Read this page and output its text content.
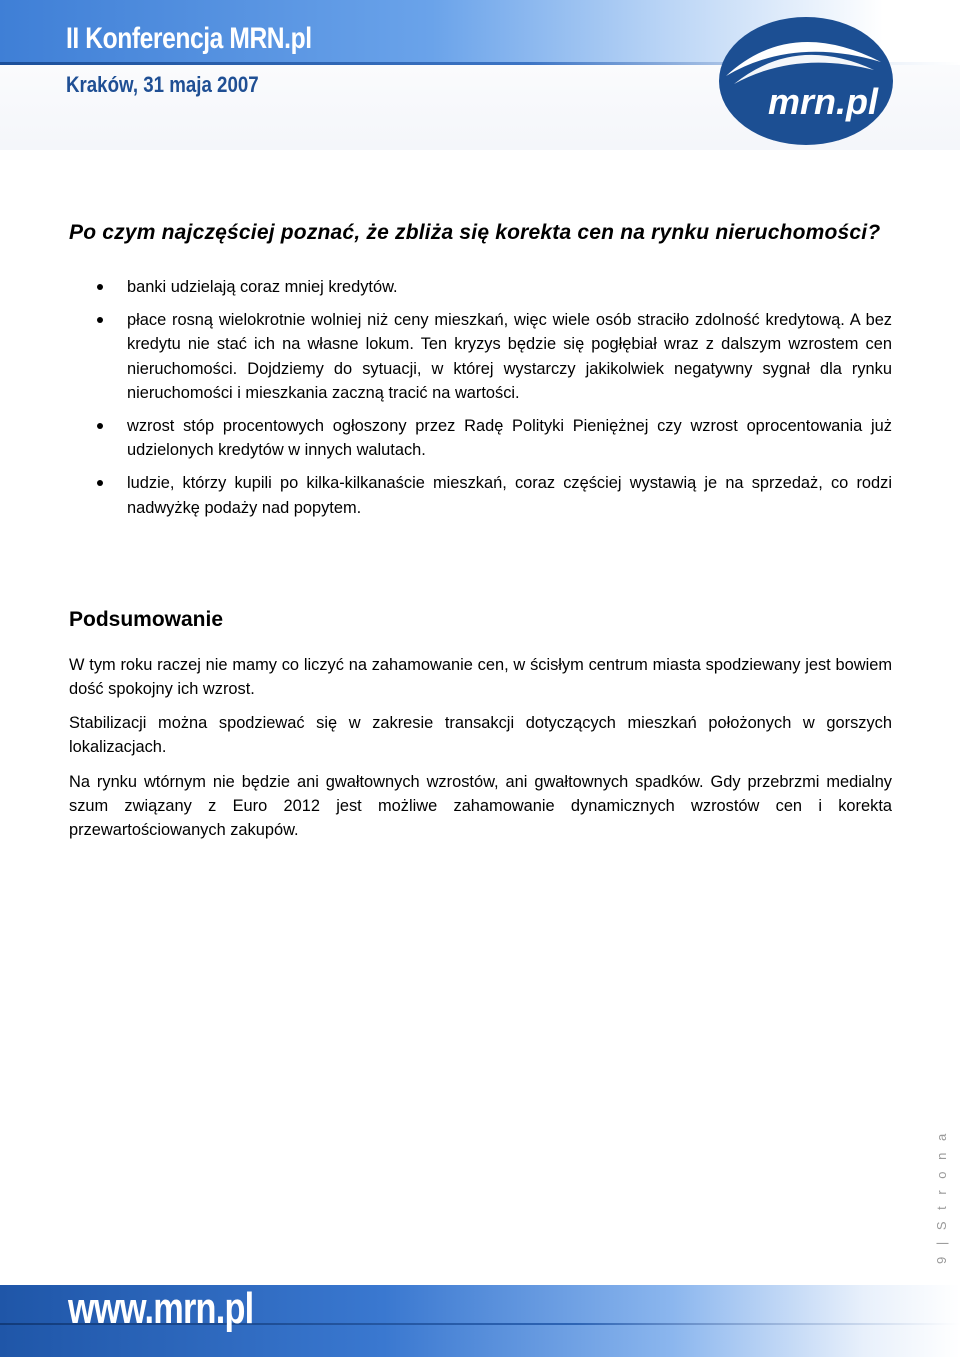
II Konferencja MRN.pl
Kraków, 31 maja 2007	mrn.pl

Po czym najczęściej poznać, że zbliża się korekta cen na rynku nieruchomości?

banki udzielają coraz mniej kredytów.
płace rosną wielokrotnie wolniej niż ceny mieszkań, więc wiele osób straciło zdolność kredytową. A bez kredytu nie stać ich na własne lokum. Ten kryzys będzie się pogłębiał wraz z dalszym wzrostem cen nieruchomości. Dojdziemy do sytuacji, w której wystarczy jakikolwiek negatywny sygnał dla rynku nieruchomości i mieszkania zaczną tracić na wartości.
wzrost stóp procentowych ogłoszony przez Radę Polityki Pieniężnej czy wzrost oprocentowania już udzielonych kredytów w innych walutach.
ludzie, którzy kupili po kilka-kilkanaście mieszkań, coraz częściej wystawią je na sprzedaż, co rodzi nadwyżkę podaży nad popytem.
Podsumowanie

W tym roku raczej nie mamy co liczyć na zahamowanie cen, w ścisłym centrum miasta spodziewany jest bowiem dość spokojny ich wzrost.

Stabilizacji można spodziewać się w zakresie transakcji dotyczących mieszkań położonych w gorszych lokalizacjach.

Na rynku wtórnym nie będzie ani gwałtownych wzrostów, ani gwałtownych spadków. Gdy przebrzmi medialny szum związany z Euro 2012 jest możliwe zahamowanie dynamicznych wzrostów cen i korekta przewartościowanych zakupów.

9 | S t r o n a
www.mrn.pl
